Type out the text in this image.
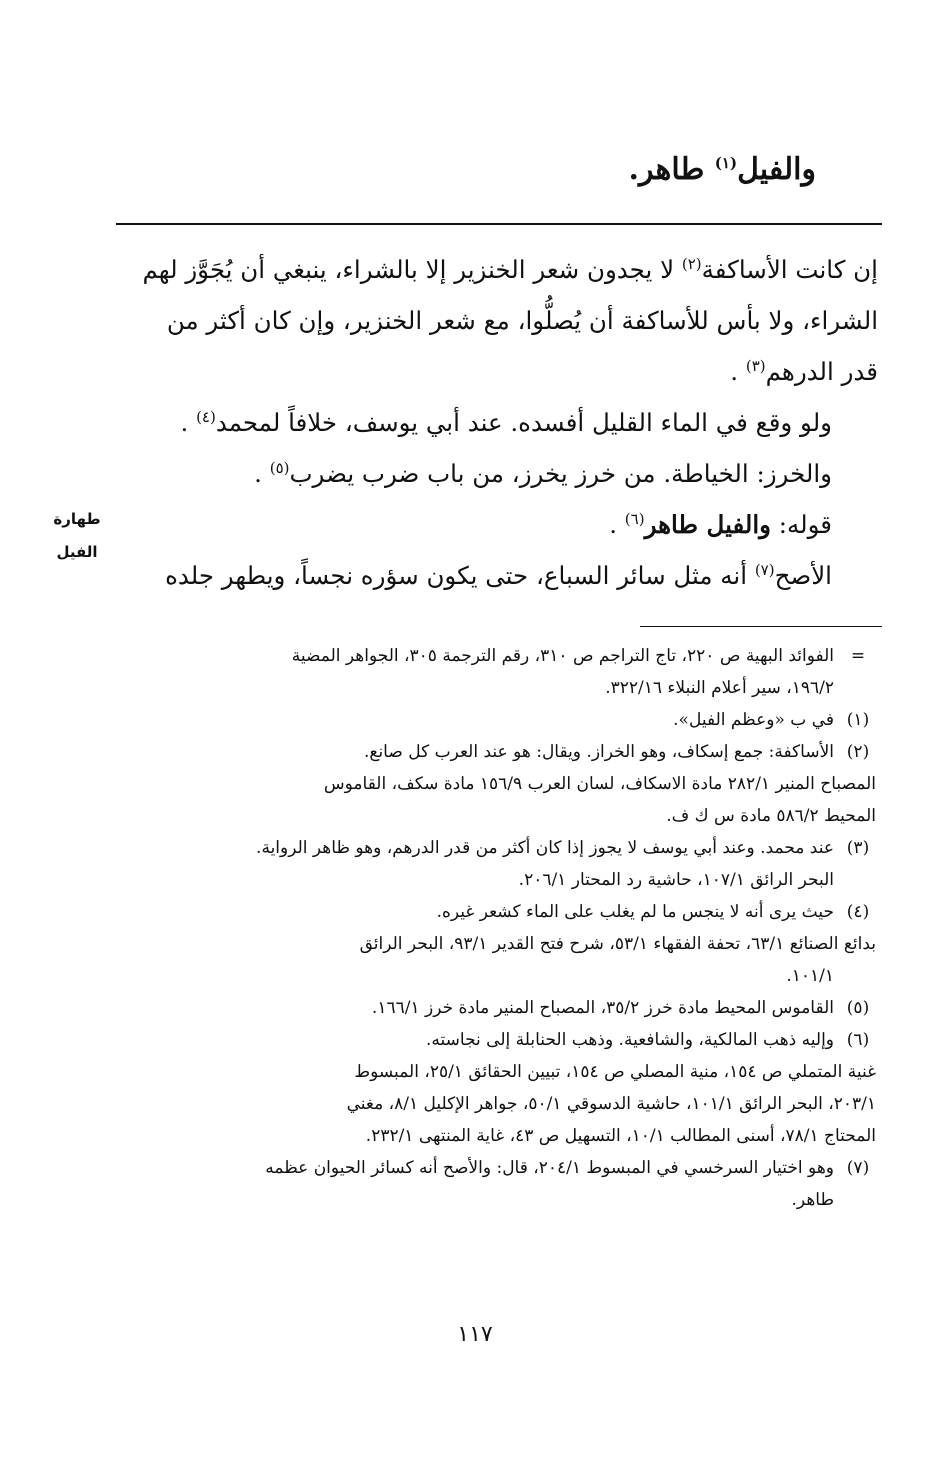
والفيل$^{(١)}$ طاهر.

إن كانت الأساكفة$^{(٢)}$ لا يجدون شعر الخنزير إلا بالشراء، ينبغي أن يُجَوَّز لهم
الشراء، ولا بأس للأساكفة أن يُصلُّوا، مع شعر الخنزير، وإن كان أكثر من
قدر الدرهم$^{(٣)}$ .

ولو وقع في الماء القليل أفسده. عند أبي يوسف، خلافاً لمحمد$^{(٤)}$ .

والخرز: الخياطة. من خرز يخرز، من باب ضرب يضرب$^{(٥)}$ .

قوله: والفيل طاهر$^{(٦)}$ .

الأصح$^{(٧)}$ أنه مثل سائر السباع، حتى يكون سؤره نجساً، ويطهر جلده

طهارة
الفيل
=
الفوائد البهية ص ٢٢٠، تاج التراجم ص ٣١٠، رقم الترجمة ٣٠٥، الجواهر المضية
١٩٦/٢، سير أعلام النبلاء ٣٢٢/١٦.
(١)
في ب «وعظم الفيل».
(٢)
الأساكفة: جمع إسكاف، وهو الخراز. ويقال: هو عند العرب كل صانع.
المصباح المنير ٢٨٢/١ مادة الاسكاف، لسان العرب ١٥٦/٩ مادة سكف، القاموس
المحيط ٥٨٦/٢ مادة س ك ف.
(٣)
عند محمد. وعند أبي يوسف لا يجوز إذا كان أكثر من قدر الدرهم، وهو ظاهر الرواية.
البحر الرائق ١٠٧/١، حاشية رد المحتار ٢٠٦/١.
(٤)
حيث يرى أنه لا ينجس ما لم يغلب على الماء كشعر غيره.
بدائع الصنائع ٦٣/١، تحفة الفقهاء ٥٣/١، شرح فتح القدير ٩٣/١، البحر الرائق
١٠١/١.
(٥)
القاموس المحيط مادة خرز ٣٥/٢، المصباح المنير مادة خرز ١٦٦/١.
(٦)
وإليه ذهب المالكية، والشافعية. وذهب الحنابلة إلى نجاسته.
غنية المتملي ص ١٥٤، منية المصلي ص ١٥٤، تبيين الحقائق ٢٥/١، المبسوط
٢٠٣/١، البحر الرائق ١٠١/١، حاشية الدسوقي ٥٠/١، جواهر الإكليل ٨/١، مغني
المحتاج ٧٨/١، أسنى المطالب ١٠/١، التسهيل ص ٤٣، غاية المنتهى ٢٣٢/١.
(٧)
وهو اختيار السرخسي في المبسوط ٢٠٤/١، قال: والأصح أنه كسائر الحيوان عظمه
طاهر.
١١٧
